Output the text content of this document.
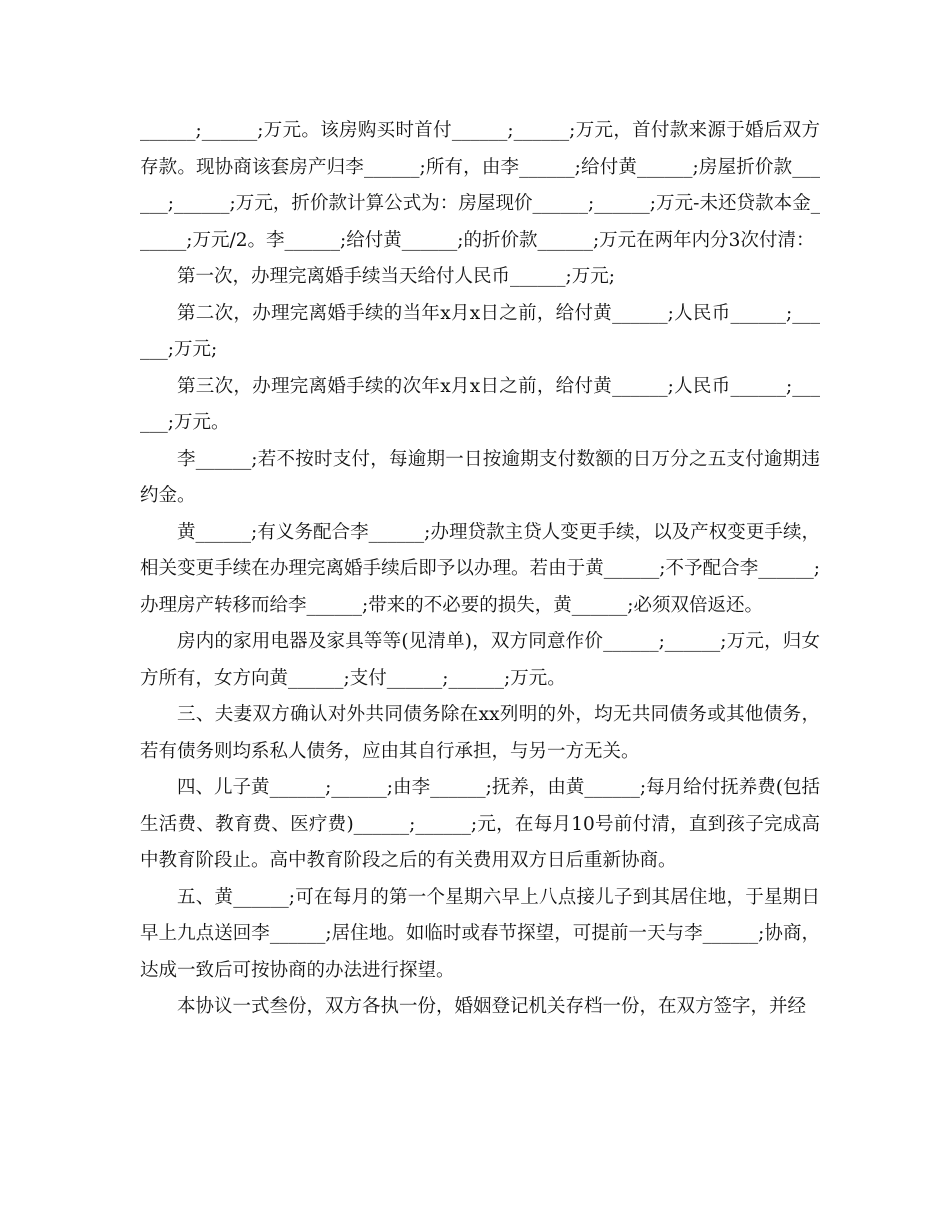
______;______;万元。该房购买时首付______;______;万元，首付款来源于婚后双方存款。现协商该套房产归李______;所有，由李______;给付黄______;房屋折价款______;______;万元，折价款计算公式为：房屋现价______;______;万元-未还贷款本金______;万元/2。李______;给付黄______;的折价款______;万元在两年内分3次付清：

第一次，办理完离婚手续当天给付人民币______;万元;

第二次，办理完离婚手续的当年x月x日之前，给付黄______;人民币______;______;万元;

第三次，办理完离婚手续的次年x月x日之前，给付黄______;人民币______;______;万元。

李______;若不按时支付，每逾期一日按逾期支付数额的日万分之五支付逾期违约金。

黄______;有义务配合李______;办理贷款主贷人变更手续，以及产权变更手续，相关变更手续在办理完离婚手续后即予以办理。若由于黄______;不予配合李______;办理房产转移而给李______;带来的不必要的损失，黄______;必须双倍返还。

房内的家用电器及家具等等(见清单)，双方同意作价______;______;万元，归女方所有，女方向黄______;支付______;______;万元。

三、夫妻双方确认对外共同债务除在xx列明的外，均无共同债务或其他债务，若有债务则均系私人债务，应由其自行承担，与另一方无关。

四、儿子黄______;______;由李______;抚养，由黄______;每月给付抚养费(包括生活费、教育费、医疗费)______;______;元，在每月10号前付清，直到孩子完成高中教育阶段止。高中教育阶段之后的有关费用双方日后重新协商。

五、黄______;可在每月的第一个星期六早上八点接儿子到其居住地，于星期日早上九点送回李______;居住地。如临时或春节探望，可提前一天与李______;协商，达成一致后可按协商的办法进行探望。

本协议一式叁份，双方各执一份，婚姻登记机关存档一份，在双方签字，并经
